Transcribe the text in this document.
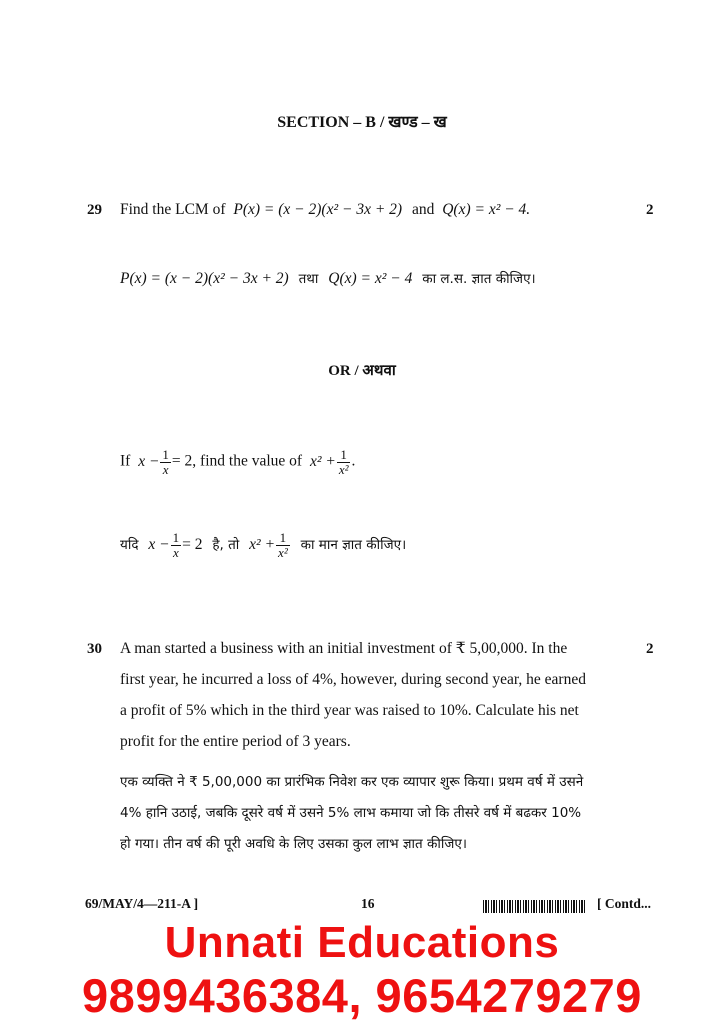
SECTION – B / खण्ड – ख
29 Find the LCM of P(x) = (x − 2)(x² − 3x + 2) and Q(x) = x² − 4.	2
P(x) = (x − 2)(x² − 3x + 2) तथा Q(x) = x² − 4 का ल.स. ज्ञात कीजिए।
OR / अथवा
If $x - \frac{1}{x} = 2$, find the value of $x^2 + \frac{1}{\text{x²}}$ .
यदि $x - \frac{1}{x} = 2$ है, तो $x^2 + \frac{1}{\text{x²}}$ का मान ज्ञात कीजिए।
30	2
A man started a business with an initial investment of ₹ 5,00,000. In the
first year, he incurred a loss of 4%, however, during second year, he earned
a profit of 5% which in the third year was raised to 10%. Calculate his net
profit for the entire period of 3 years.
एक व्यक्ति ने ₹ 5,00,000 का प्रारंभिक निवेश कर एक व्यापार शुरू किया। प्रथम वर्ष में उसने
4% हानि उठाई, जबकि दूसरे वर्ष में उसने 5% लाभ कमाया जो कि तीसरे वर्ष में बढकर 10%
हो गया। तीन वर्ष की पूरी अवधि के लिए उसका कुल लाभ ज्ञात कीजिए।
69/MAY/4—211-A ]	16	[ Contd...
Unnati Educations
9899436384, 9654279279
